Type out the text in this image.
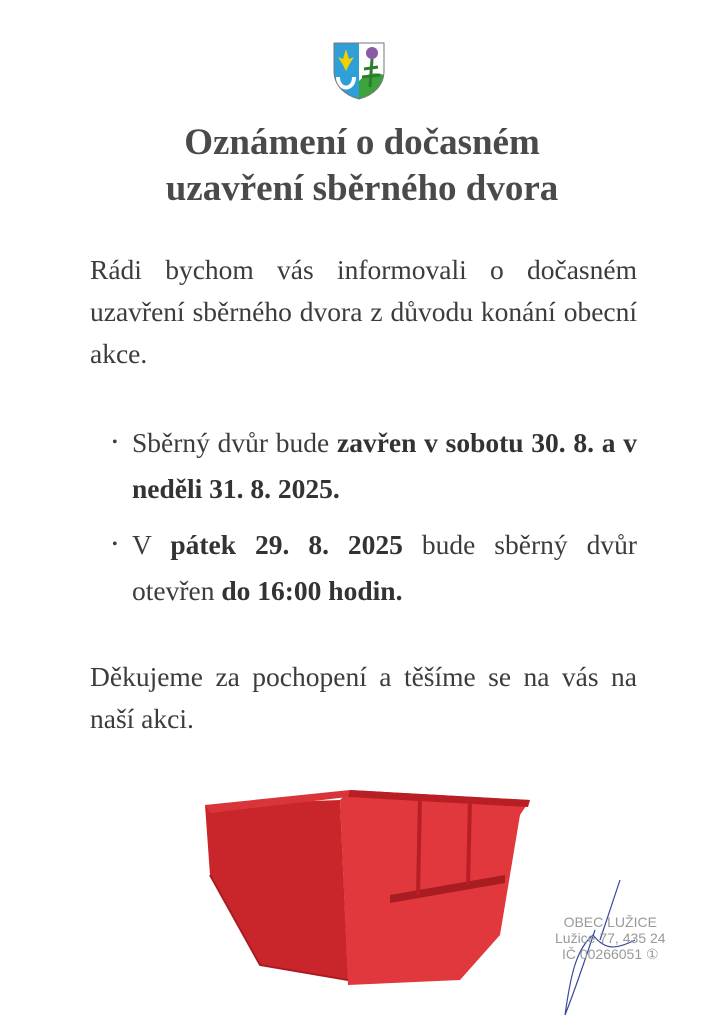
Oznámení o dočasném
uzavření sběrného dvora
Rádi bychom vás informovali o dočasném uzavření sběrného dvora z důvodu konání obecní akce.
• Sběrný dvůr bude zavřen v sobotu 30. 8. a v neděli 31. 8. 2025.
• V pátek 29. 8. 2025 bude sběrný dvůr otevřen do 16:00 hodin.
Děkujeme za pochopení a těšíme se na vás na naší akci.
OBEC LUŽICE
Lužice 77, 435 24
IČ 00266051 ①
